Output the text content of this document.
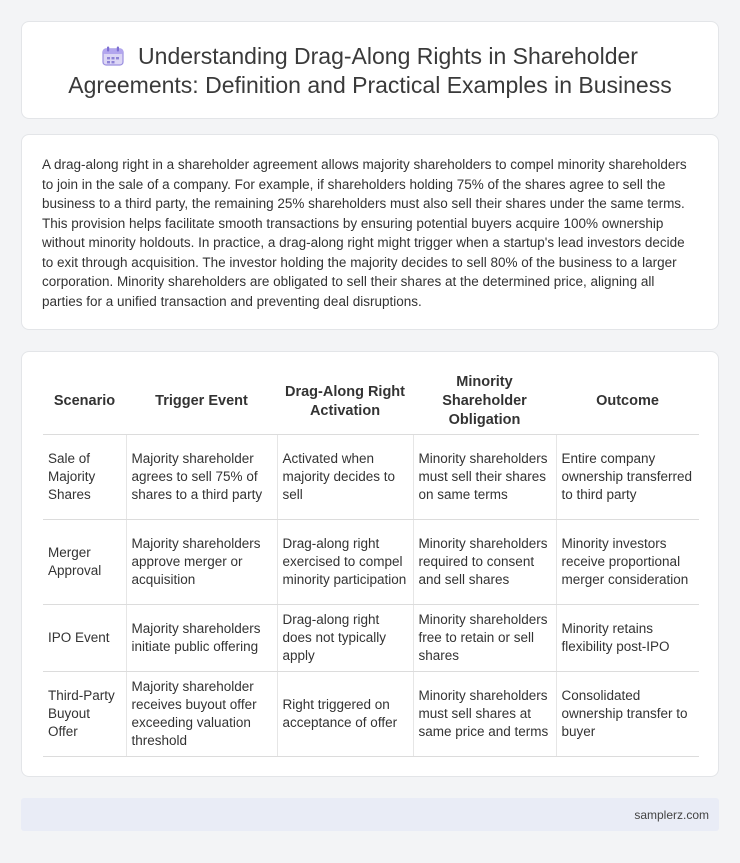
Understanding Drag-Along Rights in Shareholder Agreements: Definition and Practical Examples in Business

A drag-along right in a shareholder agreement allows majority shareholders to compel minority shareholders to join in the sale of a company. For example, if shareholders holding 75% of the shares agree to sell the business to a third party, the remaining 25% shareholders must also sell their shares under the same terms. This provision helps facilitate smooth transactions by ensuring potential buyers acquire 100% ownership without minority holdouts. In practice, a drag-along right might trigger when a startup's lead investors decide to exit through acquisition. The investor holding the majority decides to sell 80% of the business to a larger corporation. Minority shareholders are obligated to sell their shares at the determined price, aligning all parties for a unified transaction and preventing deal disruptions.

Scenario	Trigger Event	Drag-Along Right Activation	Minority Shareholder Obligation	Outcome
Sale of Majority Shares	Majority shareholder agrees to sell 75% of shares to a third party	Activated when majority decides to sell	Minority shareholders must sell their shares on same terms	Entire company ownership transferred to third party
Merger Approval	Majority shareholders approve merger or acquisition	Drag-along right exercised to compel minority participation	Minority shareholders required to consent and sell shares	Minority investors receive proportional merger consideration
IPO Event	Majority shareholders initiate public offering	Drag-along right does not typically apply	Minority shareholders free to retain or sell shares	Minority retains flexibility post-IPO
Third-Party Buyout Offer	Majority shareholder receives buyout offer exceeding valuation threshold	Right triggered on acceptance of offer	Minority shareholders must sell shares at same price and terms	Consolidated ownership transfer to buyer
samplerz.com
